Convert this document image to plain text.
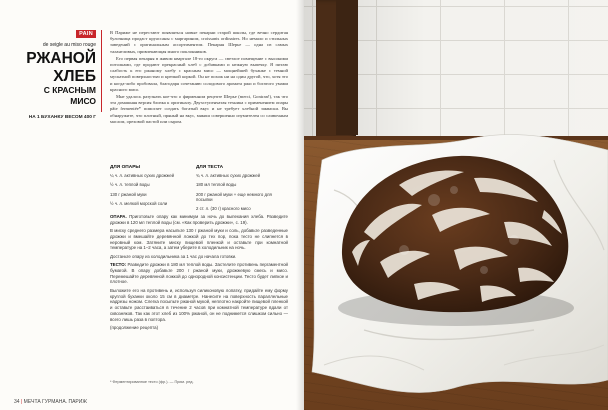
PAIN
de seigle au miso rouge
РЖАНОЙ
ХЛЕБ
С КРАСНЫМ
МИСО
НА 1 БУХАНКУ ВЕСОМ 400 Г

В Париже не перестают появляться новые пекарни старой школы, где вечно сердитая булочница продаст круассаны с маргарином, croissants ordinaires. Но немало и стильных заведений с оригинальным ассортиментом. Пекарня Шерье — одна из самых талантливых, привлекающая много поклонников.

Его первая пекарня в живом квартале 18-го округа — светлое помещение с высокими потолками, где продают прекрасный хлеб с добавками и нежную выпечку. Я питаю слабость к его ржаному хлебу с красным мисо — мощнейшей буханке с темной мускатной поверхностью и крепкой коркой. Он не похож ни на один другой, что, хотя это и когда-либо пробовала, благодаря сочетанию солодового аромата ржи и богатого умами красного мисо.

Мне удалось разузнать кое-что о фирменном рецепте Шерье (merci, Gontran!), так что эта домашняя версия близка к оригиналу. Двухступенчатая техника с применением опары pâte fermentée* помогает создать богатый вкус и не требует хлебной закваски. Вы обнаружите, что плотный, пряный на вкус, мякиш совершенно изумителен со сливочным маслом, ореховой пастой или сыром.

ДЛЯ ОПАРЫ
¼ ч. л. активных сухих дрожжей
½ ч. л. теплой воды
130 г ржаной муки
½ ч. л. мелкой морской соли
ДЛЯ ТЕСТА
¾ ч. л. активных сухих дрожжей
180 мл теплой воды
200 г ржаной муки + еще немного для посыпки
2 ст. л. (30 г) красного мисо

ОПАРА. Приготовьте опару как минимум за ночь до выпекания хлеба. Разведите дрожжи в 120 мл теплой воды (см. «Как проверить дрожжи», с. 19).

В миску среднего размера насыпьте 130 г ржаной муки и соль, добавьте разведенные дрожжи и вмешайте деревянной ложкой до тех пор, пока тесто не слипнется в неровный ком. Затяните миску пищевой пленкой и оставьте при комнатной температуре на 1–2 часа, а затем уберите в холодильник на ночь.

Достаньте опару из холодильника за 1 час до начала готовки.

ТЕСТО: Разведите дрожжи в 180 мл теплой воды. Застелите противень пергаментной бумагой. В опару добавьте 200 г ржаной муки, дрожжевую смесь и мисо. Перемешайте деревянной ложкой до однородной консистенции. Тесто будет липкое и плотное.

Выложите его на противень и, используя силиконовую лопатку, придайте ему форму круглой буханки около 15 см в диаметре. Нанесите на поверхность параллельные надрезы ножом. Слегка посыпьте ржаной мукой, неплотно накройте пищевой пленкой и оставьте расстаиваться в течение 2 часов при комнатной температуре вдали от сквозняков. Так как этот хлеб из 100% ржаной, он не поднимется слишком сильно — всего лишь раза в полтора.

(продолжение рецепта)

* Ферментированное тесто (фр.). — Прим. ред.
34 | МЕЧТА ГУРМАНА. ПАРИЖ
